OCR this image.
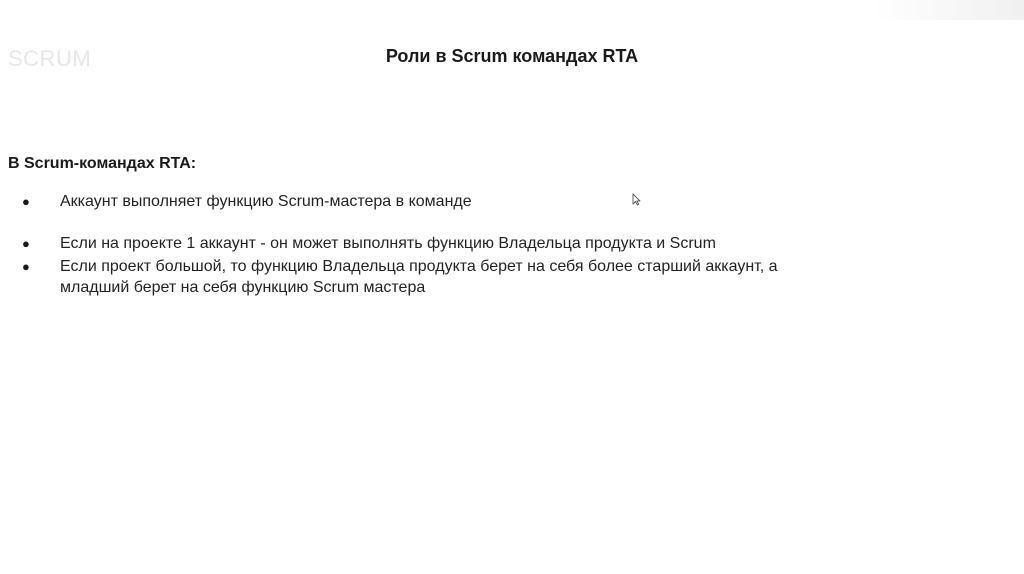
SCRUM	Роли в Scrum командах RTA
В Scrum-командах RTA:
●	Аккаунт выполняет функцию Scrum-мастера в команде
●	Если на проекте 1 аккаунт - он может выполнять функцию Владельца продукта и Scrum
●	Если проект большой, то функцию Владельца продукта берет на себя более старший аккаунт, а младший берет на себя функцию Scrum мастера
